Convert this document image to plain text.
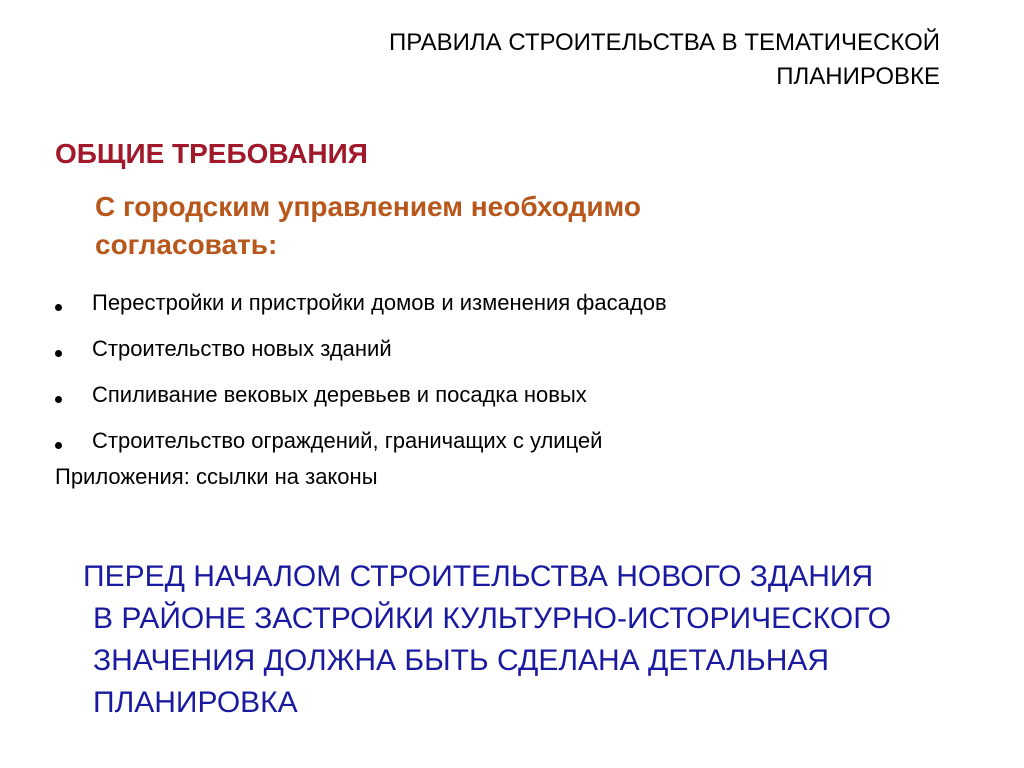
ПРАВИЛА СТРОИТЕЛЬСТВА В ТЕМАТИЧЕСКОЙ ПЛАНИРОВКЕ
ОБЩИЕ ТРЕБОВАНИЯ
С городским управлением необходимо согласовать:
Перестройки и пристройки домов и изменения фасадов
Строительство новых зданий
Спиливание вековых деревьев и посадка новых
Строительство ограждений, граничащих с улицей
Приложения: ссылки на законы
ПЕРЕД НАЧАЛОМ СТРОИТЕЛЬСТВА НОВОГО ЗДАНИЯ В РАЙОНЕ ЗАСТРОЙКИ КУЛЬТУРНО-ИСТОРИЧЕСКОГО ЗНАЧЕНИЯ ДОЛЖНА БЫТЬ СДЕЛАНА ДЕТАЛЬНАЯ ПЛАНИРОВКА
